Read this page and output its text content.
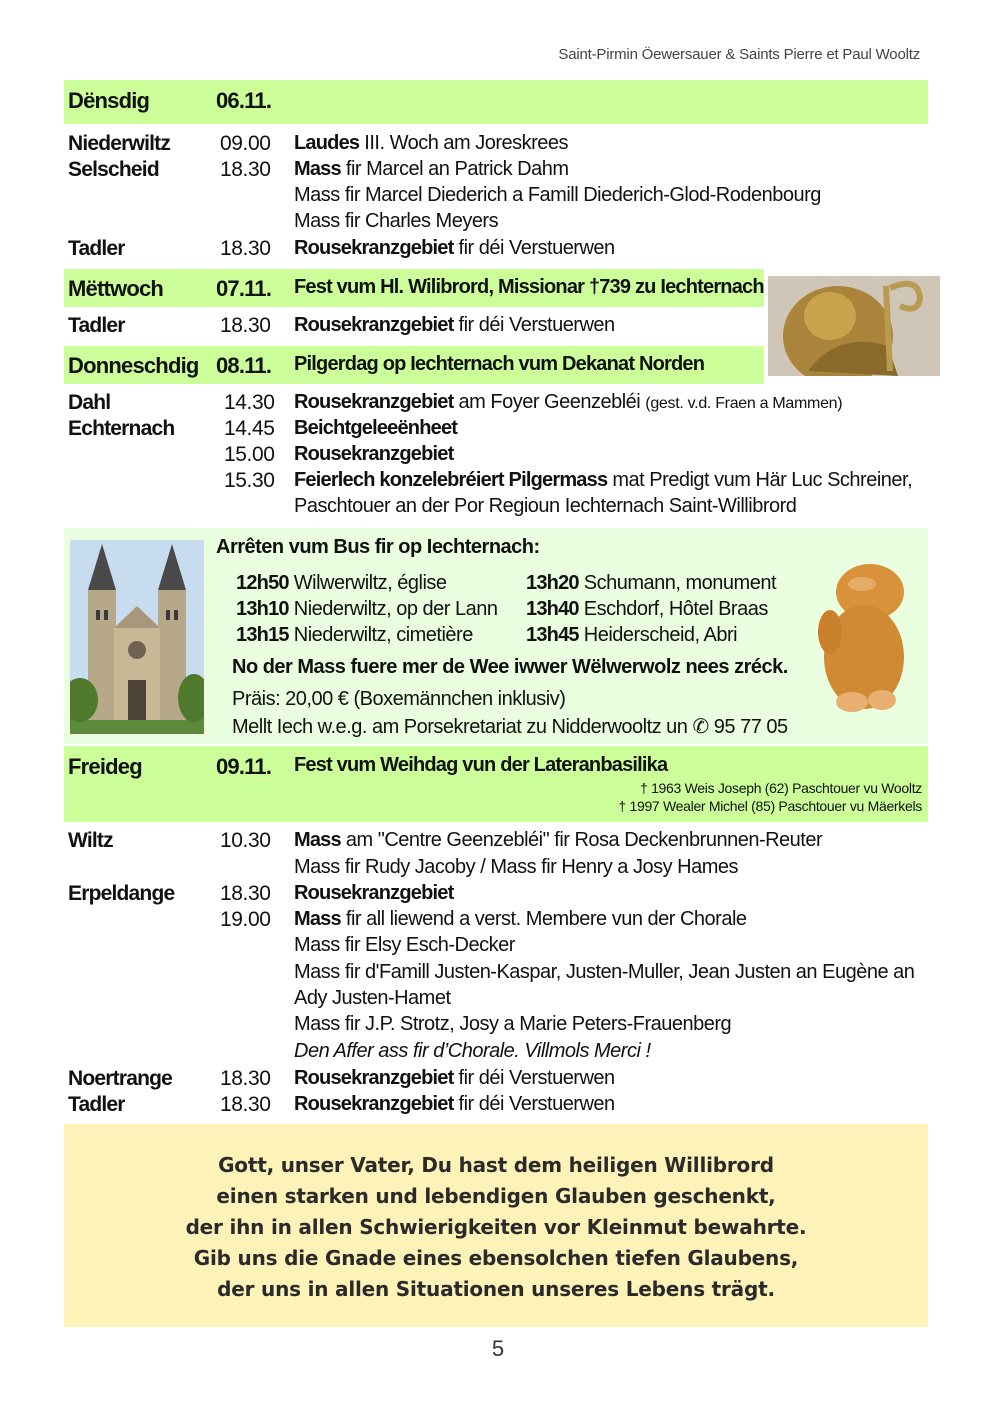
Saint-Pirmin Öewersauer & Saints Pierre et Paul Wooltz
Dënsdig	06.11.
Niederwiltz 09.00 Laudes III. Woch am Joreskrees
Selscheid	18.30 Mass fir Marcel an Patrick Dahm
Mass fir Marcel Diederich a Famill Diederich-Glod-Rodenbourg
Mass fir Charles Meyers
Tadler	18.30 Rousekranzgebiet fir déi Verstuerwen
Mëttwoch 07.11. Fest vum Hl. Wilibrord, Missionar †739 zu Iechternach
Tadler	18.30 Rousekranzgebiet fir déi Verstuerwen
Donneschdig 08.11. Pilgerdag op Iechternach vum Dekanat Norden
Dahl	14.30 Rousekranzgebiet am Foyer Geenzebléi (gest. v.d. Fraen a Mammen)
Echternach 14.45 Beichtgeleeënheet
15.00 Rousekranzgebiet
15.30 Feierlech konzelebréiert Pilgermass mat Predigt vum Här Luc Schreiner,
Paschtouer an der Por Regioun Iechternach Saint-Willibrord
Arrêten vum Bus fir op Iechternach:
12h50 Wilwerwiltz, église
13h10 Niederwiltz, op der Lann
13h15 Niederwiltz, cimetière
13h20 Schumann, monument
13h40 Eschdorf, Hôtel Braas
13h45 Heiderscheid, Abri
No der Mass fuere mer de Wee iwwer Wëlwerwolz nees zréck.
Präis: 20,00 € (Boxemännchen inklusiv)
Mellt Iech w.e.g. am Porsekretariat zu Nidderwooltz un ✆ 95 77 05
Freideg	09.11. Fest vum Weihdag vun der Lateranbasilika
† 1963 Weis Joseph (62) Paschtouer vu Wooltz
† 1997 Wealer Michel (85) Paschtouer vu Mäerkels
Wiltz	10.30 Mass am "Centre Geenzebléi" fir Rosa Deckenbrunnen-Reuter
Mass fir Rudy Jacoby / Mass fir Henry a Josy Hames
Erpeldange 18.30 Rousekranzgebiet
19.00 Mass fir all liewend a verst. Membere vun der Chorale
Mass fir Elsy Esch-Decker
Mass fir d'Famill Justen-Kaspar, Justen-Muller, Jean Justen an Eugène an
Ady Justen-Hamet
Mass fir J.P. Strotz, Josy a Marie Peters-Frauenberg
Den Affer ass fir d’Chorale. Villmols Merci !
Noertrange 18.30 Rousekranzgebiet fir déi Verstuerwen
Tadler	18.30 Rousekranzgebiet fir déi Verstuerwen
Gott, unser Vater, Du hast dem heiligen Willibrord
einen starken und lebendigen Glauben geschenkt,
der ihn in allen Schwierigkeiten vor Kleinmut bewahrte.
Gib uns die Gnade eines ebensolchen tiefen Glaubens,
der uns in allen Situationen unseres Lebens trägt.
5
